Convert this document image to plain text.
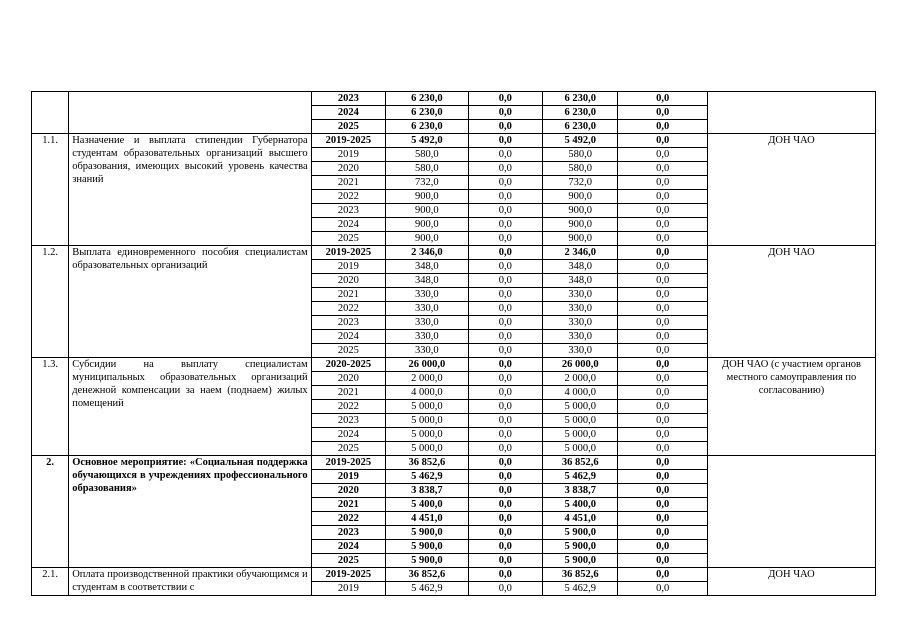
		2023	6 230,0	0,0	6 230,0	0,0	
		2024	6 230,0	0,0	6 230,0	0,0	
		2025	6 230,0	0,0	6 230,0	0,0	
1.1.	Назначение и выплата стипендии Губернатора студентам образовательных организаций высшего образования, имеющих высокий уровень качества знаний	2019-2025	5 492,0	0,0	5 492,0	0,0	ДОН ЧАО
		2019	580,0	0,0	580,0	0,0	
		2020	580,0	0,0	580,0	0,0	
		2021	732,0	0,0	732,0	0,0	
		2022	900,0	0,0	900,0	0,0	
		2023	900,0	0,0	900,0	0,0	
		2024	900,0	0,0	900,0	0,0	
		2025	900,0	0,0	900,0	0,0	
1.2.	Выплата единовременного пособия специалистам образовательных организаций	2019-2025	2 346,0	0,0	2 346,0	0,0	ДОН ЧАО
		2019	348,0	0,0	348,0	0,0	
		2020	348,0	0,0	348,0	0,0	
		2021	330,0	0,0	330,0	0,0	
		2022	330,0	0,0	330,0	0,0	
		2023	330,0	0,0	330,0	0,0	
		2024	330,0	0,0	330,0	0,0	
		2025	330,0	0,0	330,0	0,0	
1.3.	Субсидии на выплату специалистам муниципальных образовательных организаций денежной компенсации за наем (поднаем) жилых помещений	2020-2025	26 000,0	0,0	26 000,0	0,0	ДОН ЧАО (с участием органов местного самоуправления по согласованию)
		2020	2 000,0	0,0	2 000,0	0,0	
		2021	4 000,0	0,0	4 000,0	0,0	
		2022	5 000,0	0,0	5 000,0	0,0	
		2023	5 000,0	0,0	5 000,0	0,0	
		2024	5 000,0	0,0	5 000,0	0,0	
		2025	5 000,0	0,0	5 000,0	0,0	
2.	Основное мероприятие: «Социальная поддержка обучающихся в учреждениях профессионального образования»	2019-2025	36 852,6	0,0	36 852,6	0,0	
		2019	5 462,9	0,0	5 462,9	0,0	
		2020	3 838,7	0,0	3 838,7	0,0	
		2021	5 400,0	0,0	5 400,0	0,0	
		2022	4 451,0	0,0	4 451,0	0,0	
		2023	5 900,0	0,0	5 900,0	0,0	
		2024	5 900,0	0,0	5 900,0	0,0	
		2025	5 900,0	0,0	5 900,0	0,0	
2.1.	Оплата производственной практики обучающимся и студентам в соответствии с	2019-2025	36 852,6	0,0	36 852,6	0,0	ДОН ЧАО
		2019	5 462,9	0,0	5 462,9	0,0	
